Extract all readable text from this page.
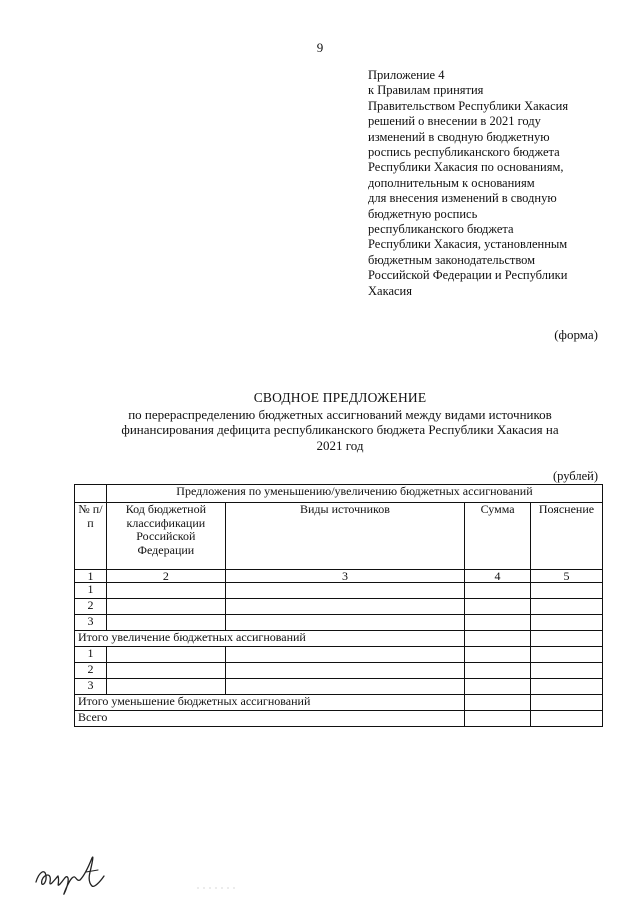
9
Приложение 4
к Правилам принятия
Правительством Республики Хакасия
решений о внесении в 2021 году
изменений в сводную бюджетную
роспись республиканского бюджета
Республики Хакасия по основаниям,
дополнительным к основаниям
для внесения изменений в сводную
бюджетную роспись
республиканского бюджета
Республики Хакасия, установленным
бюджетным законодательством
Российской Федерации и Республики
Хакасия
(форма)
СВОДНОЕ ПРЕДЛОЖЕНИЕ
по перераспределению бюджетных ассигнований между видами источников
финансирования дефицита республиканского бюджета Республики Хакасия на
2021 год
(рублей)
	Предложения по уменьшению/увеличению бюджетных ассигнований			
№ п/п	Код бюджетной классификации Российской Федерации	Виды источников	Сумма	Пояснение
1	2	3	4	5
1				
2				
3				
Итого увеличение бюджетных ассигнований				
1				
2				
3				
Итого уменьшение бюджетных ассигнований				
Всего				
